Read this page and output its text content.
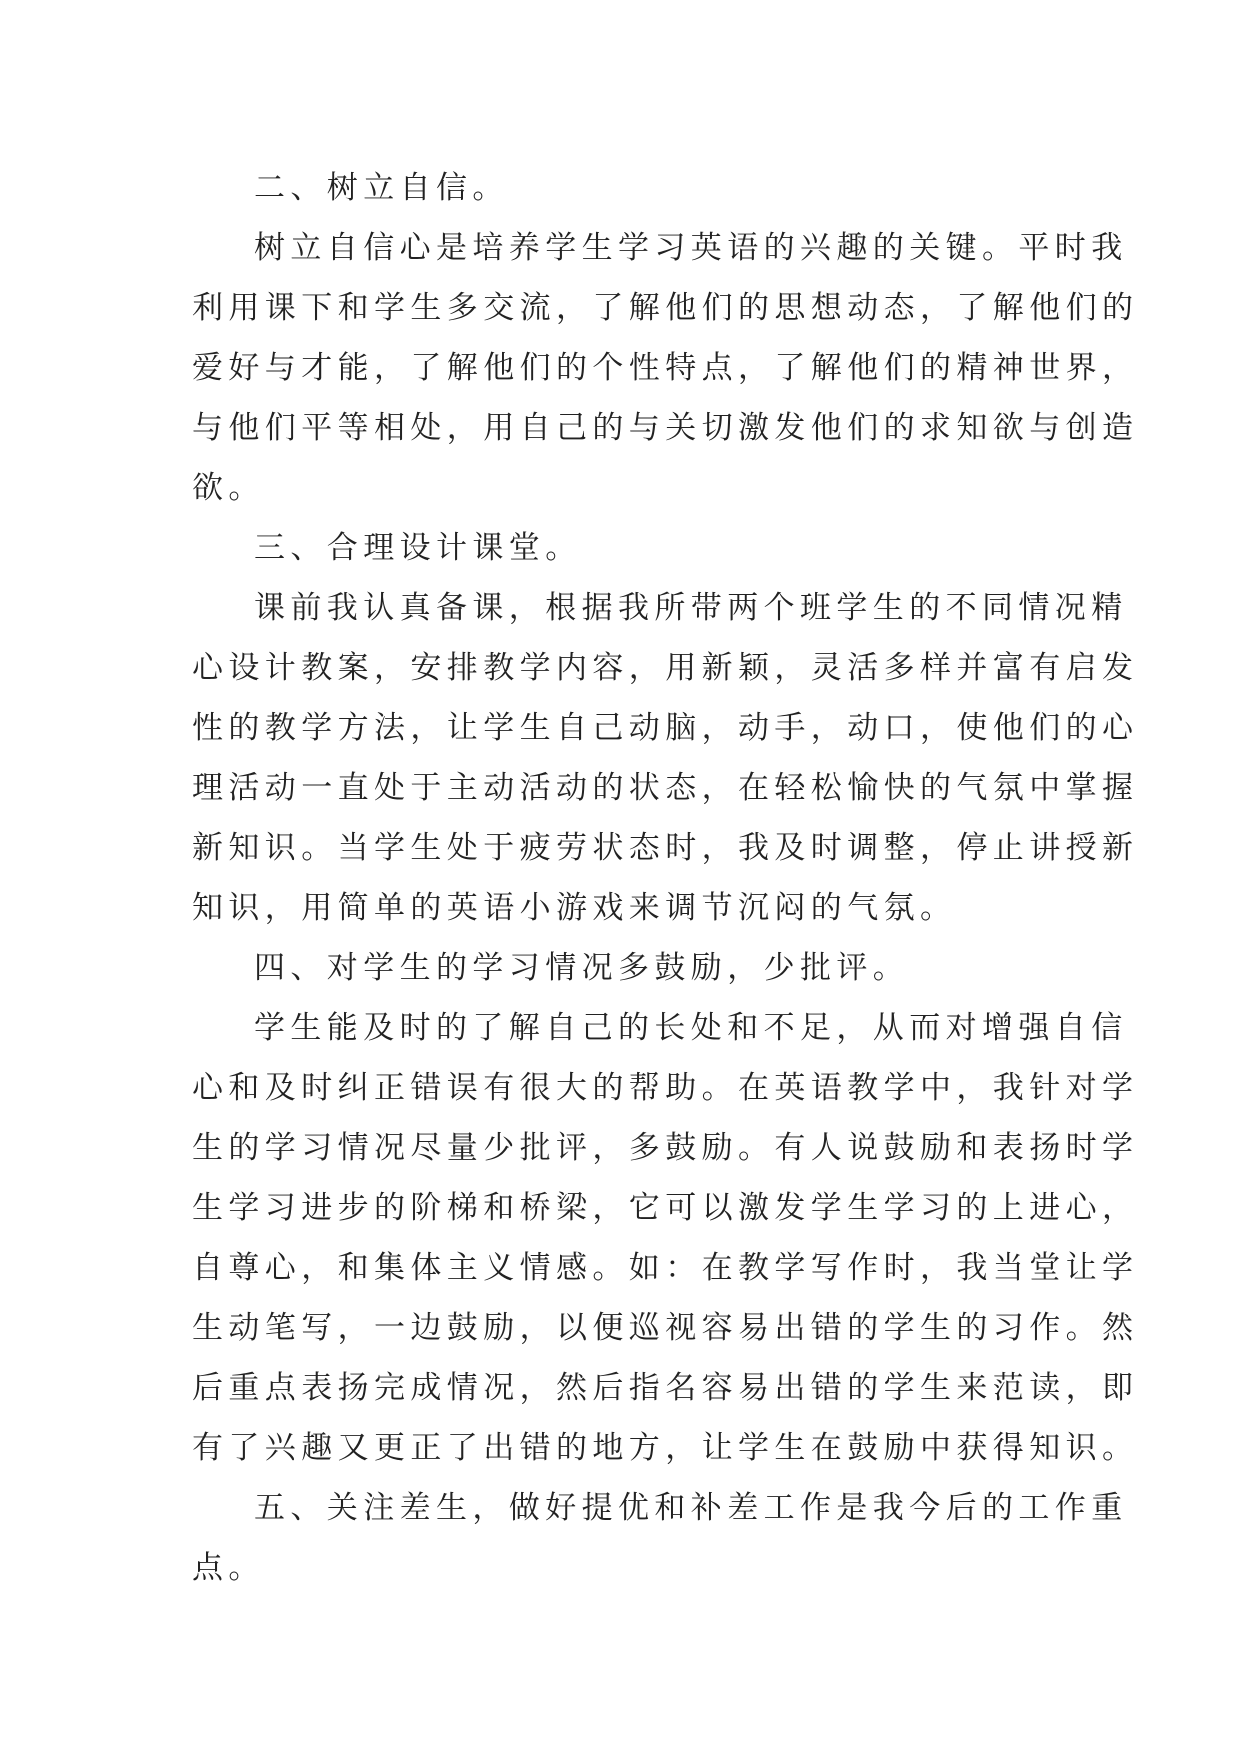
二、树立自信。

树立自信心是培养学生学习英语的兴趣的关键。平时我
利用课下和学生多交流，了解他们的思想动态，了解他们的
爱好与才能，了解他们的个性特点，了解他们的精神世界，
与他们平等相处，用自己的与关切激发他们的求知欲与创造
欲。

三、合理设计课堂。

课前我认真备课，根据我所带两个班学生的不同情况精
心设计教案，安排教学内容，用新颖，灵活多样并富有启发
性的教学方法，让学生自己动脑，动手，动口，使他们的心
理活动一直处于主动活动的状态，在轻松愉快的气氛中掌握
新知识。当学生处于疲劳状态时，我及时调整，停止讲授新
知识，用简单的英语小游戏来调节沉闷的气氛。

四、对学生的学习情况多鼓励，少批评。

学生能及时的了解自己的长处和不足，从而对增强自信
心和及时纠正错误有很大的帮助。在英语教学中，我针对学
生的学习情况尽量少批评，多鼓励。有人说鼓励和表扬时学
生学习进步的阶梯和桥梁，它可以激发学生学习的上进心，
自尊心，和集体主义情感。如：在教学写作时，我当堂让学
生动笔写，一边鼓励，以便巡视容易出错的学生的习作。然
后重点表扬完成情况，然后指名容易出错的学生来范读，即
有了兴趣又更正了出错的地方，让学生在鼓励中获得知识。

五、关注差生，做好提优和补差工作是我今后的工作重
点。
